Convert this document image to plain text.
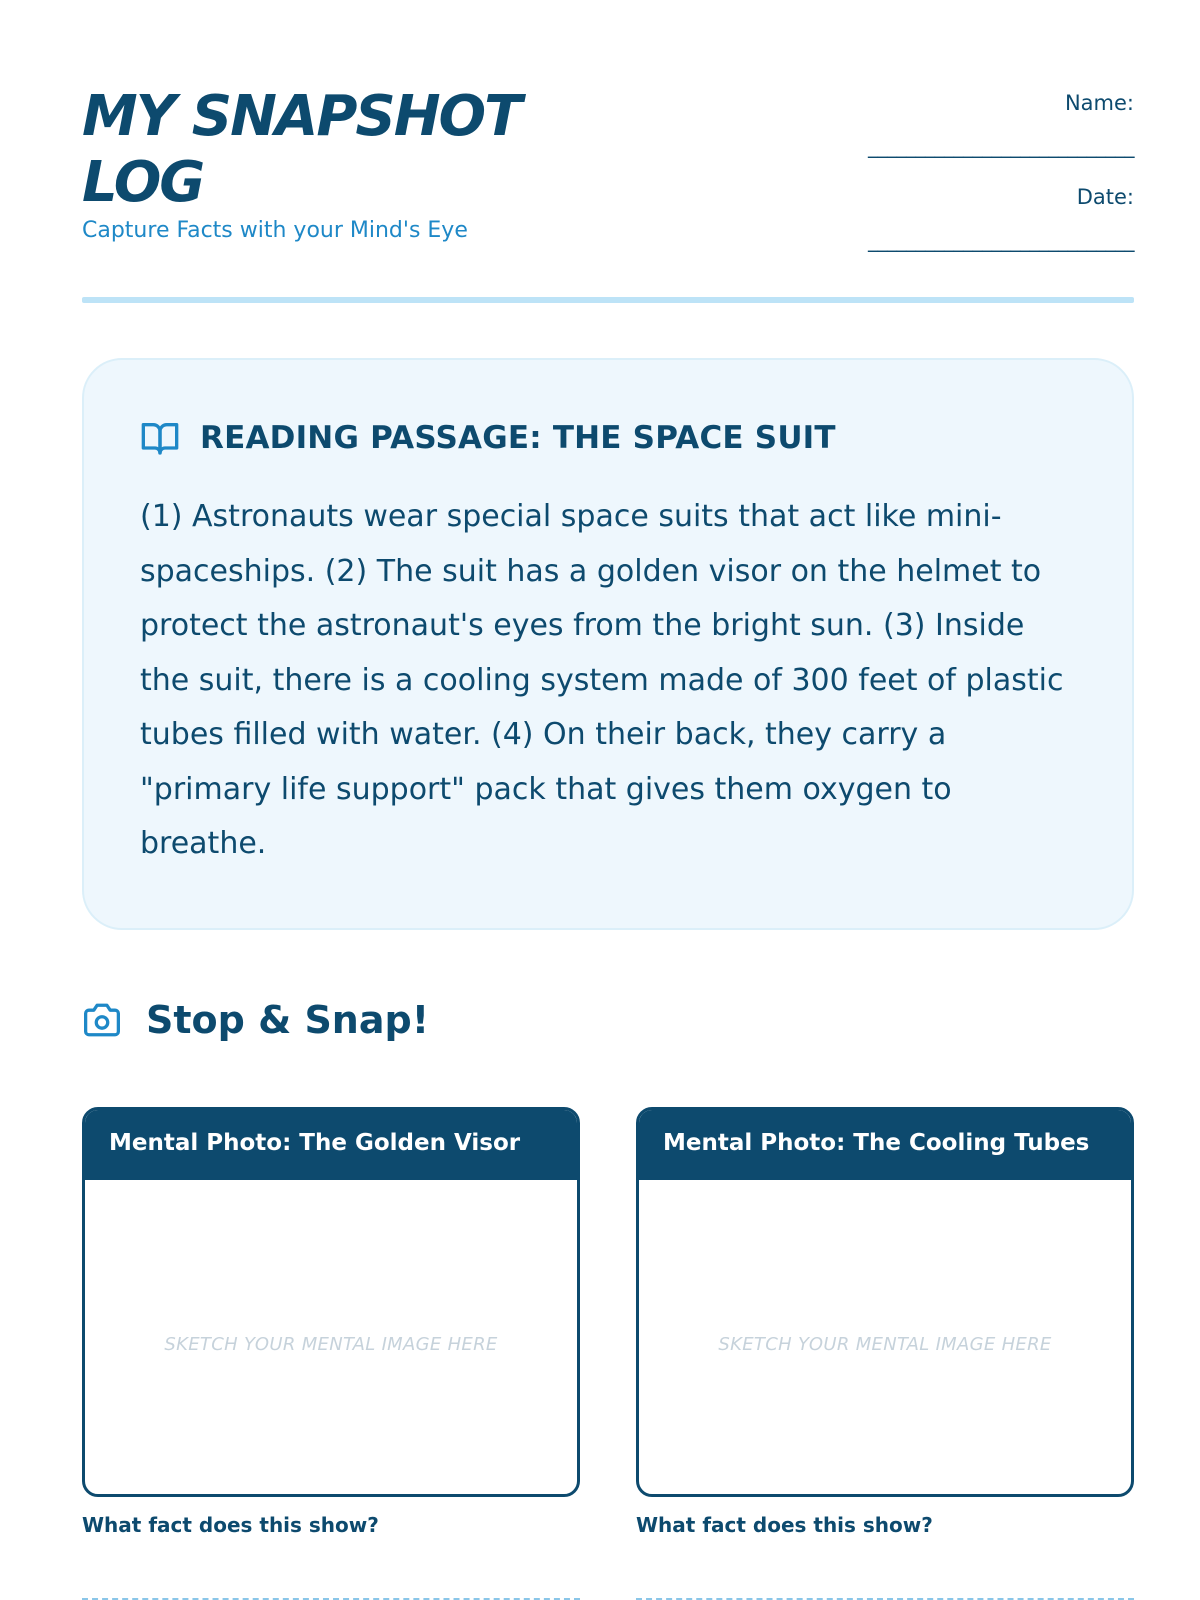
MY SNAPSHOT LOG
Capture Facts with your Mind's Eye
Name:
____________________________
Date:
____________________________
READING PASSAGE: THE SPACE SUIT
(1) Astronauts wear special space suits that act like mini-spaceships. (2) The suit has a golden visor on the helmet to protect the astronaut's eyes from the bright sun. (3) Inside the suit, there is a cooling system made of 300 feet of plastic tubes filled with water. (4) On their back, they carry a "primary life support" pack that gives them oxygen to breathe.
Stop & Snap!
Mental Photo: The Golden Visor
SKETCH YOUR MENTAL IMAGE HERE
Mental Photo: The Cooling Tubes
SKETCH YOUR MENTAL IMAGE HERE
What fact does this show?	What fact does this show?
